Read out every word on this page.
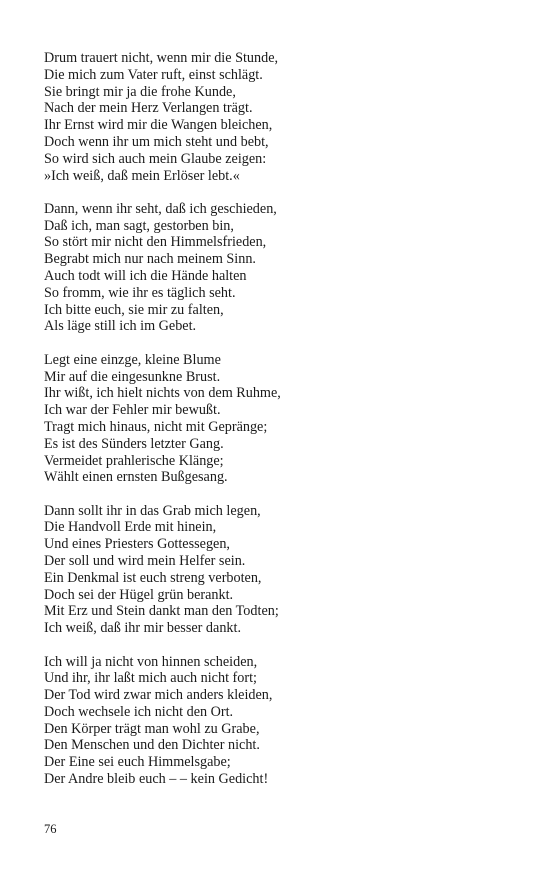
Drum trauert nicht, wenn mir die Stunde,
Die mich zum Vater ruft, einst schlägt.
Sie bringt mir ja die frohe Kunde,
Nach der mein Herz Verlangen trägt.
Ihr Ernst wird mir die Wangen bleichen,
Doch wenn ihr um mich steht und bebt,
So wird sich auch mein Glaube zeigen:
»Ich weiß, daß mein Erlöser lebt.«
Dann, wenn ihr seht, daß ich geschieden,
Daß ich, man sagt, gestorben bin,
So stört mir nicht den Himmelsfrieden,
Begrabt mich nur nach meinem Sinn.
Auch todt will ich die Hände halten
So fromm, wie ihr es täglich seht.
Ich bitte euch, sie mir zu falten,
Als läge still ich im Gebet.
Legt eine einzge, kleine Blume
Mir auf die eingesunkne Brust.
Ihr wißt, ich hielt nichts von dem Ruhme,
Ich war der Fehler mir bewußt.
Tragt mich hinaus, nicht mit Gepränge;
Es ist des Sünders letzter Gang.
Vermeidet prahlerische Klänge;
Wählt einen ernsten Bußgesang.
Dann sollt ihr in das Grab mich legen,
Die Handvoll Erde mit hinein,
Und eines Priesters Gottessegen,
Der soll und wird mein Helfer sein.
Ein Denkmal ist euch streng verboten,
Doch sei der Hügel grün berankt.
Mit Erz und Stein dankt man den Todten;
Ich weiß, daß ihr mir besser dankt.
Ich will ja nicht von hinnen scheiden,
Und ihr, ihr laßt mich auch nicht fort;
Der Tod wird zwar mich anders kleiden,
Doch wechsele ich nicht den Ort.
Den Körper trägt man wohl zu Grabe,
Den Menschen und den Dichter nicht.
Der Eine sei euch Himmelsgabe;
Der Andre bleib euch – – kein Gedicht!
76
